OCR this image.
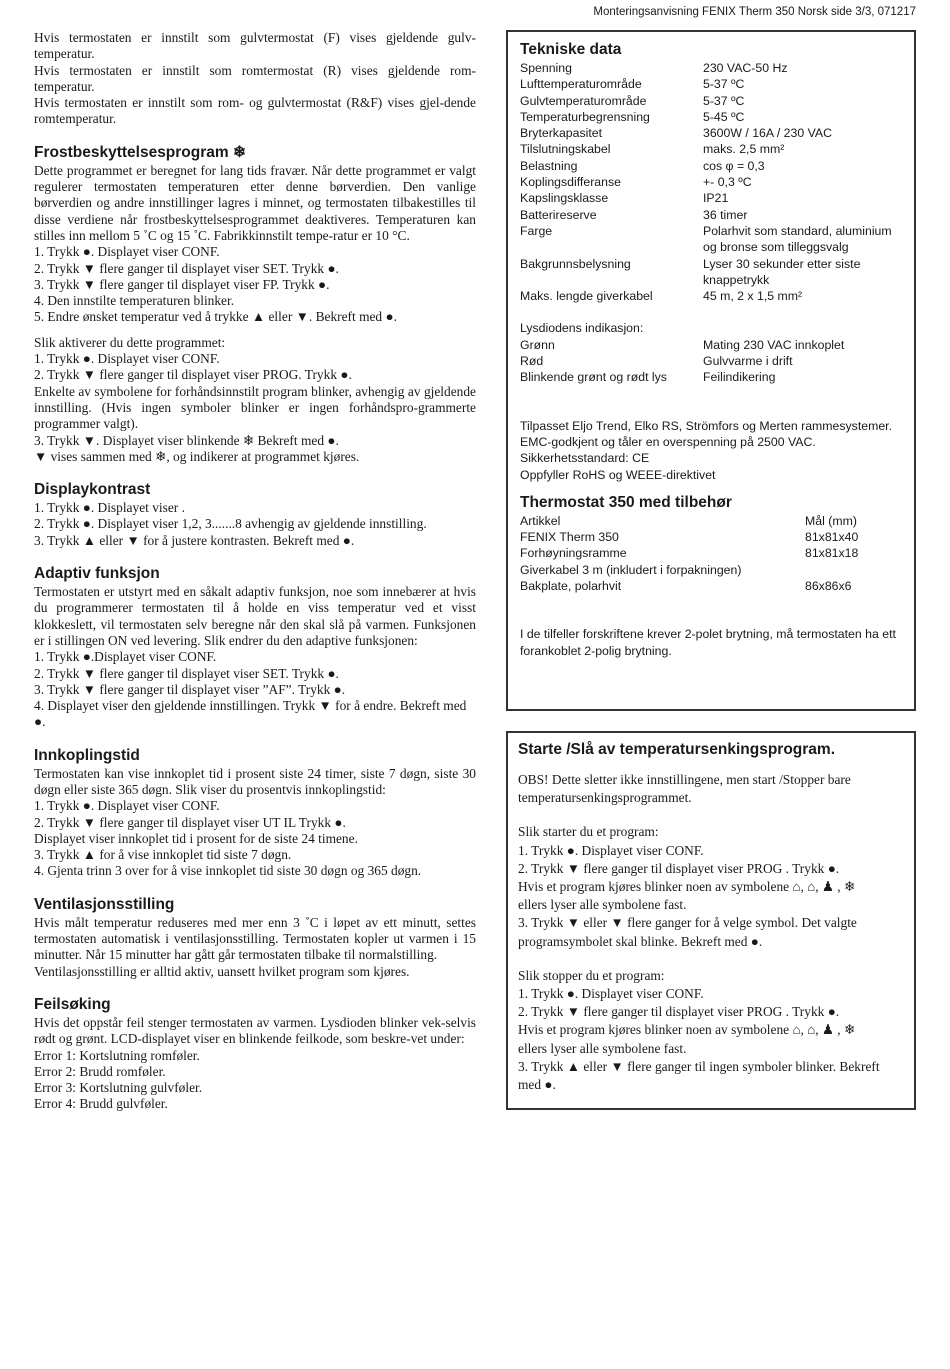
Monteringsanvisning FENIX Therm 350 Norsk side 3/3, 071217

Hvis termostaten er innstilt som gulvtermostat (F) vises gjeldende gulv-temperatur.

Hvis termostaten er innstilt som romtermostat (R) vises gjeldende rom-temperatur.

Hvis termostaten er innstilt som rom- og gulvtermostat (R&F) vises gjel-dende romtemperatur.

Frostbeskyttelsesprogram ❄

Dette programmet er beregnet for lang tids fravær. Når dette programmet er valgt regulerer termostaten temperaturen etter denne børverdien. Den vanlige børverdien og andre innstillinger lagres i minnet, og termostaten tilbakestilles til disse verdiene når frostbeskyttelsesprogrammet deaktiveres. Temperaturen kan stilles inn mellom 5 ˚C og 15 ˚C. Fabrikkinnstilt tempe-ratur er 10 °C.

1. Trykk ●. Displayet viser CONF.

2. Trykk ▼ flere ganger til displayet viser SET. Trykk ●.

3. Trykk ▼ flere ganger til displayet viser FP. Trykk ●.

4. Den innstilte temperaturen blinker.

5. Endre ønsket temperatur ved å trykke ▲ eller ▼. Bekreft med ●.

Slik aktiverer du dette programmet:

1. Trykk ●. Displayet viser CONF.

2. Trykk ▼ flere ganger til displayet viser PROG. Trykk ●.

Enkelte av symbolene for forhåndsinnstilt program blinker, avhengig av gjeldende innstilling. (Hvis ingen symboler blinker er ingen forhåndspro-grammerte programmer valgt).

3. Trykk ▼. Displayet viser blinkende ❄ Bekreft med ●.

▼ vises sammen med ❄, og indikerer at programmet kjøres.

Displaykontrast

1. Trykk ●. Displayet viser .

2. Trykk ●. Displayet viser 1,2, 3.......8 avhengig av gjeldende innstilling.

3. Trykk ▲ eller ▼ for å justere kontrasten. Bekreft med ●.

Adaptiv funksjon

Termostaten er utstyrt med en såkalt adaptiv funksjon, noe som innebærer at hvis du programmerer termostaten til å holde en viss temperatur ved et visst klokkeslett, vil termostaten selv beregne når den skal slå på varmen. Funksjonen er i stillingen ON ved levering. Slik endrer du den adaptive funksjonen:

1. Trykk ●.Displayet viser CONF.

2. Trykk ▼ flere ganger til displayet viser SET. Trykk ●.

3. Trykk ▼ flere ganger til displayet viser ”AF”. Trykk ●.

4. Displayet viser den gjeldende innstillingen. Trykk ▼ for å endre. Bekreft med ●.

Innkoplingstid

Termostaten kan vise innkoplet tid i prosent siste 24 timer, siste 7 døgn, siste 30 døgn eller siste 365 døgn. Slik viser du prosentvis innkoplingstid:

1. Trykk ●. Displayet viser CONF.

2. Trykk ▼ flere ganger til displayet viser UT IL Trykk ●.

Displayet viser innkoplet tid i prosent for de siste 24 timene.

3. Trykk ▲ for å vise innkoplet tid siste 7 døgn.

4. Gjenta trinn 3 over for å vise innkoplet tid siste 30 døgn og 365 døgn.

Ventilasjonsstilling

Hvis målt temperatur reduseres med mer enn 3 ˚C i løpet av ett minutt, settes termostaten automatisk i ventilasjonsstilling. Termostaten kopler ut varmen i 15 minutter. Når 15 minutter har gått går termostaten tilbake til normalstilling.

Ventilasjonsstilling er alltid aktiv, uansett hvilket program som kjøres.

Feilsøking

Hvis det oppstår feil stenger termostaten av varmen. Lysdioden blinker vek-selvis rødt og grønt. LCD-displayet viser en blinkende feilkode, som beskre-vet under:

Error 1: Kortslutning romføler.

Error 2: Brudd romføler.

Error 3: Kortslutning gulvføler.

Error 4: Brudd gulvføler.

Tekniske data
Spenning	230 VAC-50 Hz
Lufttemperaturområde	5-37 ºC
Gulvtemperaturområde	5-37 ºC
Temperaturbegrensning	5-45 ºC
Bryterkapasitet	3600W / 16A / 230 VAC
Tilslutningskabel	maks. 2,5 mm²
Belastning	cos φ = 0,3
Koplingsdifferanse	+- 0,3 ºC
Kapslingsklasse	IP21
Batterireserve	36 timer
Farge	Polarhvit som standard, aluminium og bronse som tilleggsvalg
Bakgrunnsbelysning	Lyser 30 sekunder etter siste knappetrykk
Maks. lengde giverkabel	45 m, 2 x 1,5 mm²
Lysdiodens indikasjon:
Grønn	Mating 230 VAC innkoplet
Rød	Gulvvarme i drift
Blinkende grønt og rødt lys	Feilindikering
Tilpasset Eljo Trend, Elko RS, Strömfors og Merten rammesystemer.
EMC-godkjent og tåler en overspenning på 2500 VAC.
Sikkerhetsstandard: CE
Oppfyller RoHS og WEEE-direktivet
Thermostat 350 med tilbehør
Artikkel	Mål (mm)
FENIX Therm 350	81x81x40
Forhøyningsramme	81x81x18
Giverkabel 3 m (inkludert i forpakningen)
Bakplate, polarhvit	86x86x6
I de tilfeller forskriftene krever 2-polet brytning, må termostaten ha ett forankoblet 2-polig brytning.
Starte /Slå av temperatursenkingsprogram.

OBS! Dette sletter ikke innstillingene, men start /Stopper bare temperatursenkingsprogrammet.

Slik starter du et program:

1. Trykk ●. Displayet viser CONF.

2. Trykk ▼ flere ganger til displayet viser PROG . Trykk ●.

Hvis et program kjøres blinker noen av symbolene ⌂, ⌂, ♟ , ❄

ellers lyser alle symbolene fast.

3. Trykk ▼ eller ▼ flere ganger for å velge symbol. Det valgte programsymbolet skal blinke. Bekreft med ●.

Slik stopper du et program:

1. Trykk ●. Displayet viser CONF.

2. Trykk ▼ flere ganger til displayet viser PROG . Trykk ●.

Hvis et program kjøres blinker noen av symbolene ⌂, ⌂, ♟ , ❄

ellers lyser alle symbolene fast.

3. Trykk ▲ eller ▼ flere ganger til ingen symboler blinker. Bekreft med ●.
